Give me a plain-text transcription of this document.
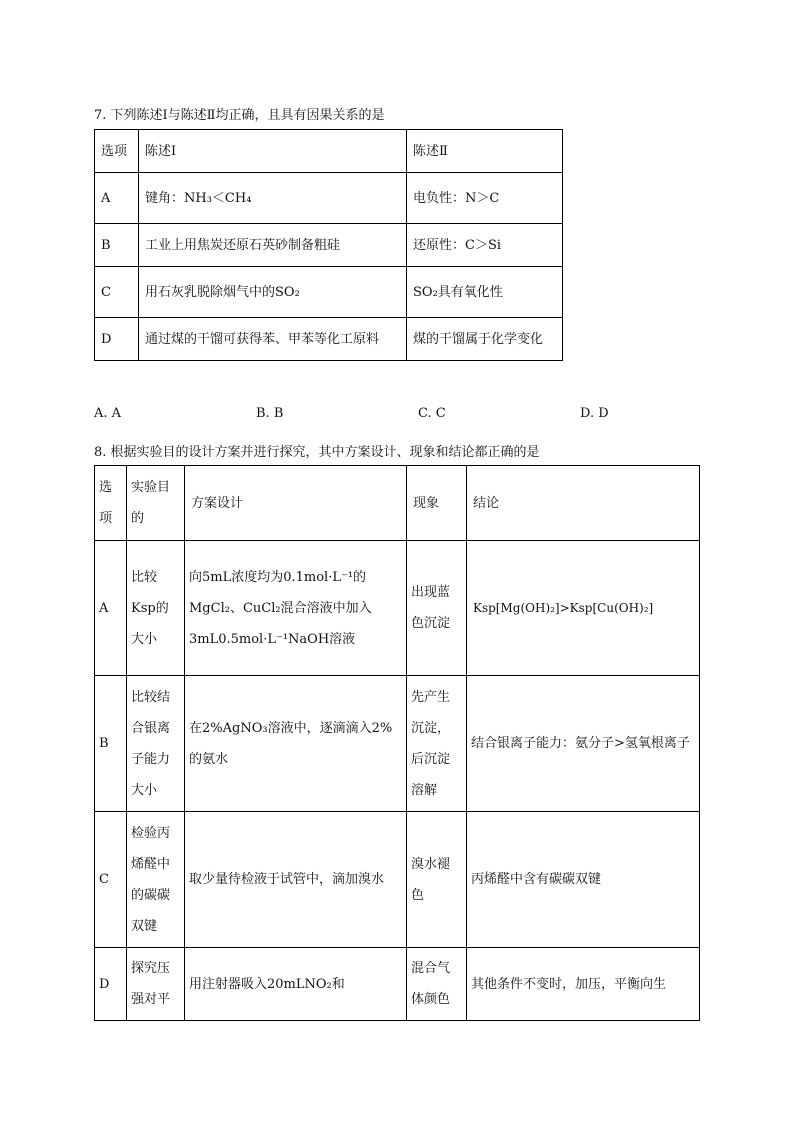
7. 下列陈述Ⅰ与陈述Ⅱ均正确，且具有因果关系的是
选项	陈述Ⅰ	陈述Ⅱ
A	键角：NH₃＜CH₄	电负性：N＞C
B	工业上用焦炭还原石英砂制备粗硅	还原性：C＞Si
C	用石灰乳脱除烟气中的SO₂	SO₂具有氧化性
D	通过煤的干馏可获得苯、甲苯等化工原料	煤的干馏属于化学变化
A. A	B. B	C. C	D. D
8. 根据实验目的设计方案并进行探究，其中方案设计、现象和结论都正确的是
选项	实验目的	方案设计	现象	结论
A	比较Ksp的大小	向5mL浓度均为0.1mol·L⁻¹的MgCl₂、CuCl₂混合溶液中加入3mL0.5mol·L⁻¹NaOH溶液	出现蓝色沉淀	Ksp[Mg(OH)₂]>Ksp[Cu(OH)₂]
B	比较结合银离子能力大小	在2%AgNO₃溶液中，逐滴滴入2%的氨水	先产生沉淀，后沉淀溶解	结合银离子能力：氨分子>氢氧根离子
C	检验丙烯醛中的碳碳双键	取少量待检液于试管中，滴加溴水	溴水褪色	丙烯醛中含有碳碳双键
D	探究压强对平	用注射器吸入20mLNO₂和	混合气体颜色	其他条件不变时，加压，平衡向生
